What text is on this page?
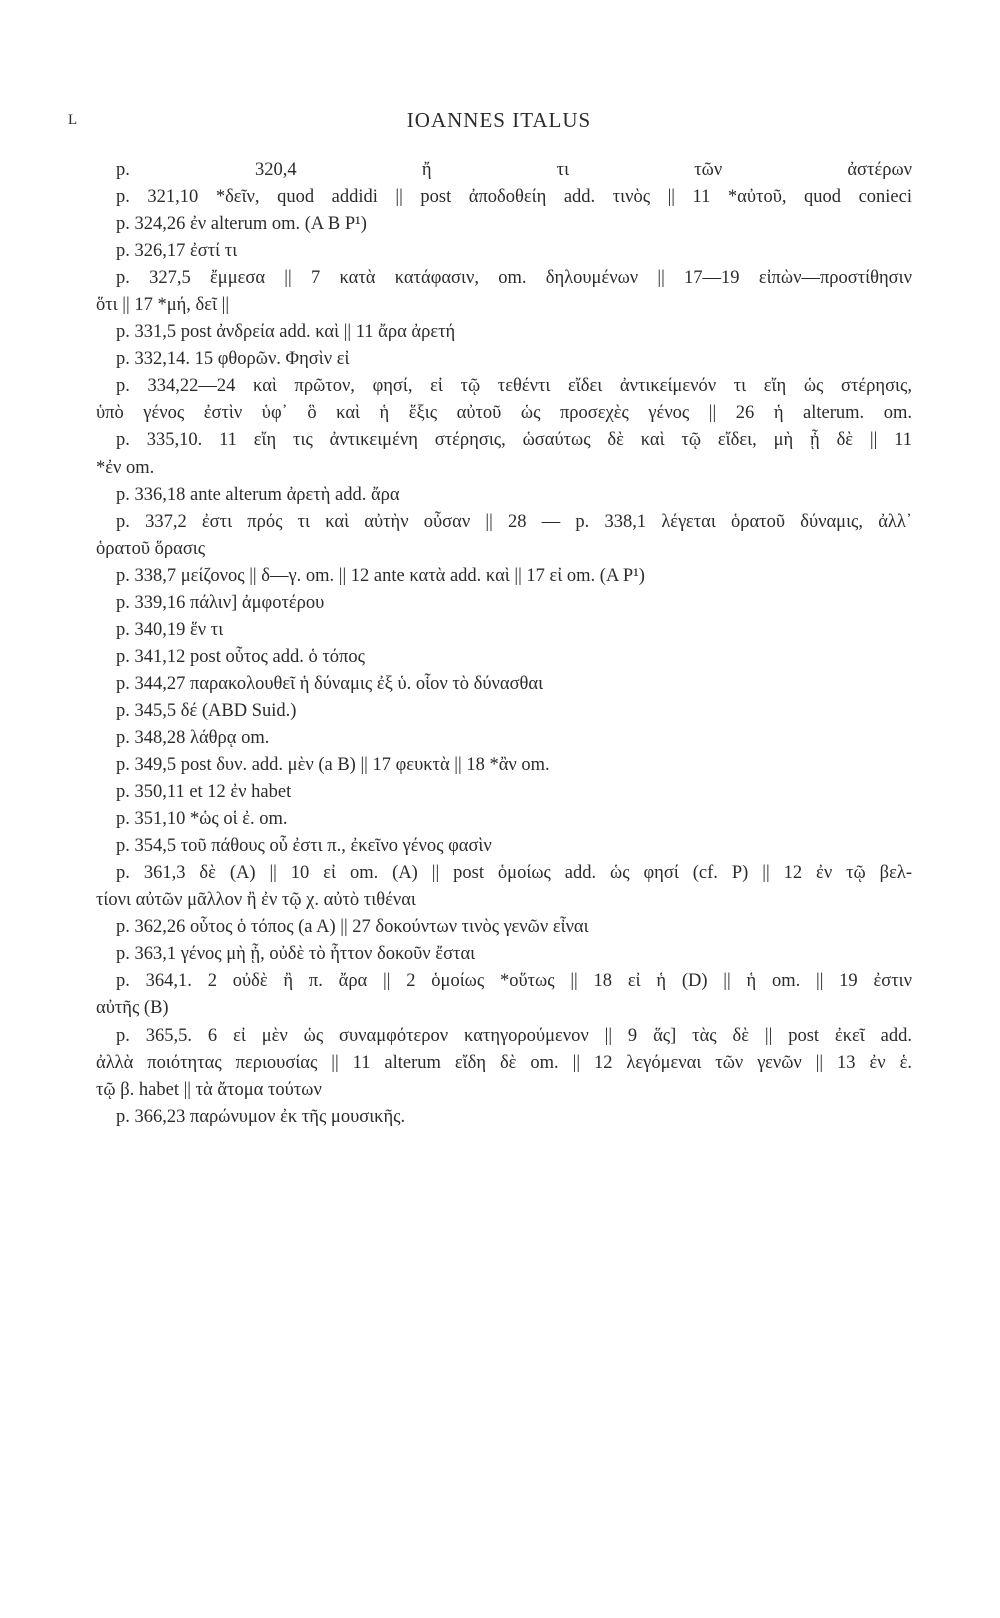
L	IOANNES ITALUS
p. 320,4 ἤ τι τῶν ἀστέρων
p. 321,10 *δεῖν, quod addidi || post ἀποδοθείη add. τινὸς || 11 *αὐτοῦ, quod conieci
p. 324,26 ἐν alterum om. (A B P¹)
p. 326,17 ἐστί τι
p. 327,5 ἔμμεσα || 7 κατὰ κατάφασιν, om. δηλουμένων || 17—19 εἰπὼν—προστίθησιν
ὅτι || 17 *μή, δεῖ ||
p. 331,5 post ἀνδρεία add. καὶ || 11 ἄρα ἀρετή
p. 332,14. 15 φθορῶν. Φησὶν εἰ
p. 334,22—24 καὶ πρῶτον, φησί, εἰ τῷ τεθέντι εἴδει ἀντικείμενόν τι εἴη ὡς στέρησις,
ὑπὸ γένος ἐστὶν ὑφ᾽ ὃ καὶ ἡ ἕξις αὐτοῦ ὡς προσεχὲς γένος || 26 ἡ alterum. om.
p. 335,10. 11 εἴη τις ἀντικειμένη στέρησις, ὡσαύτως δὲ καὶ τῷ εἴδει, μὴ ᾖ δὲ || 11
*ἐν om.
p. 336,18 ante alterum ἀρετὴ add. ἄρα
p. 337,2 ἐστι πρός τι καὶ αὐτὴν οὖσαν || 28 — p. 338,1 λέγεται ὁρατοῦ δύναμις, ἀλλ᾽
ὁρατοῦ ὅρασις
p. 338,7 μείζονος || δ—γ. om. || 12 ante κατὰ add. καὶ || 17 εἰ om. (A P¹)
p. 339,16 πάλιν] ἀμφοτέρου
p. 340,19 ἕν τι
p. 341,12 post οὗτος add. ὁ τόπος
p. 344,27 παρακολουθεῖ ἡ δύναμις ἐξ ὑ. οἷον τὸ δύνασθαι
p. 345,5 δέ (ABD Suid.)
p. 348,28 λάθρᾳ om.
p. 349,5 post δυν. add. μὲν (a B) || 17 φευκτὰ || 18 *ἂν om.
p. 350,11 et 12 ἐν habet
p. 351,10 *ὡς οἱ ἐ. om.
p. 354,5 τοῦ πάθους οὗ ἐστι π., ἐκεῖνο γένος φασὶν
p. 361,3 δὲ (A) || 10 εἰ om. (A) || post ὁμοίως add. ὡς φησί (cf. P) || 12 ἐν τῷ βελ-
τίονι αὐτῶν μᾶλλον ἢ ἐν τῷ χ. αὐτὸ τιθέναι
p. 362,26 οὗτος ὁ τόπος (a A) || 27 δοκούντων τινὸς γενῶν εἶναι
p. 363,1 γένος μὴ ᾖ, οὐδὲ τὸ ἧττον δοκοῦν ἔσται
p. 364,1. 2 οὐδὲ ἢ π. ἄρα || 2 ὁμοίως *οὕτως || 18 εἰ ἡ (D) || ἡ om. || 19 ἐστιν
αὐτῆς (B)
p. 365,5. 6 εἰ μὲν ὡς συναμφότερον κατηγορούμενον || 9 ἅς] τὰς δὲ || post ἐκεῖ add.
ἀλλὰ ποιότητας περιουσίας || 11 alterum εἴδη δὲ om. || 12 λεγόμεναι τῶν γενῶν || 13 ἐν ἑ.
τῷ β. habet || τὰ ἄτομα τούτων
p. 366,23 παρώνυμον ἐκ τῆς μουσικῆς.
